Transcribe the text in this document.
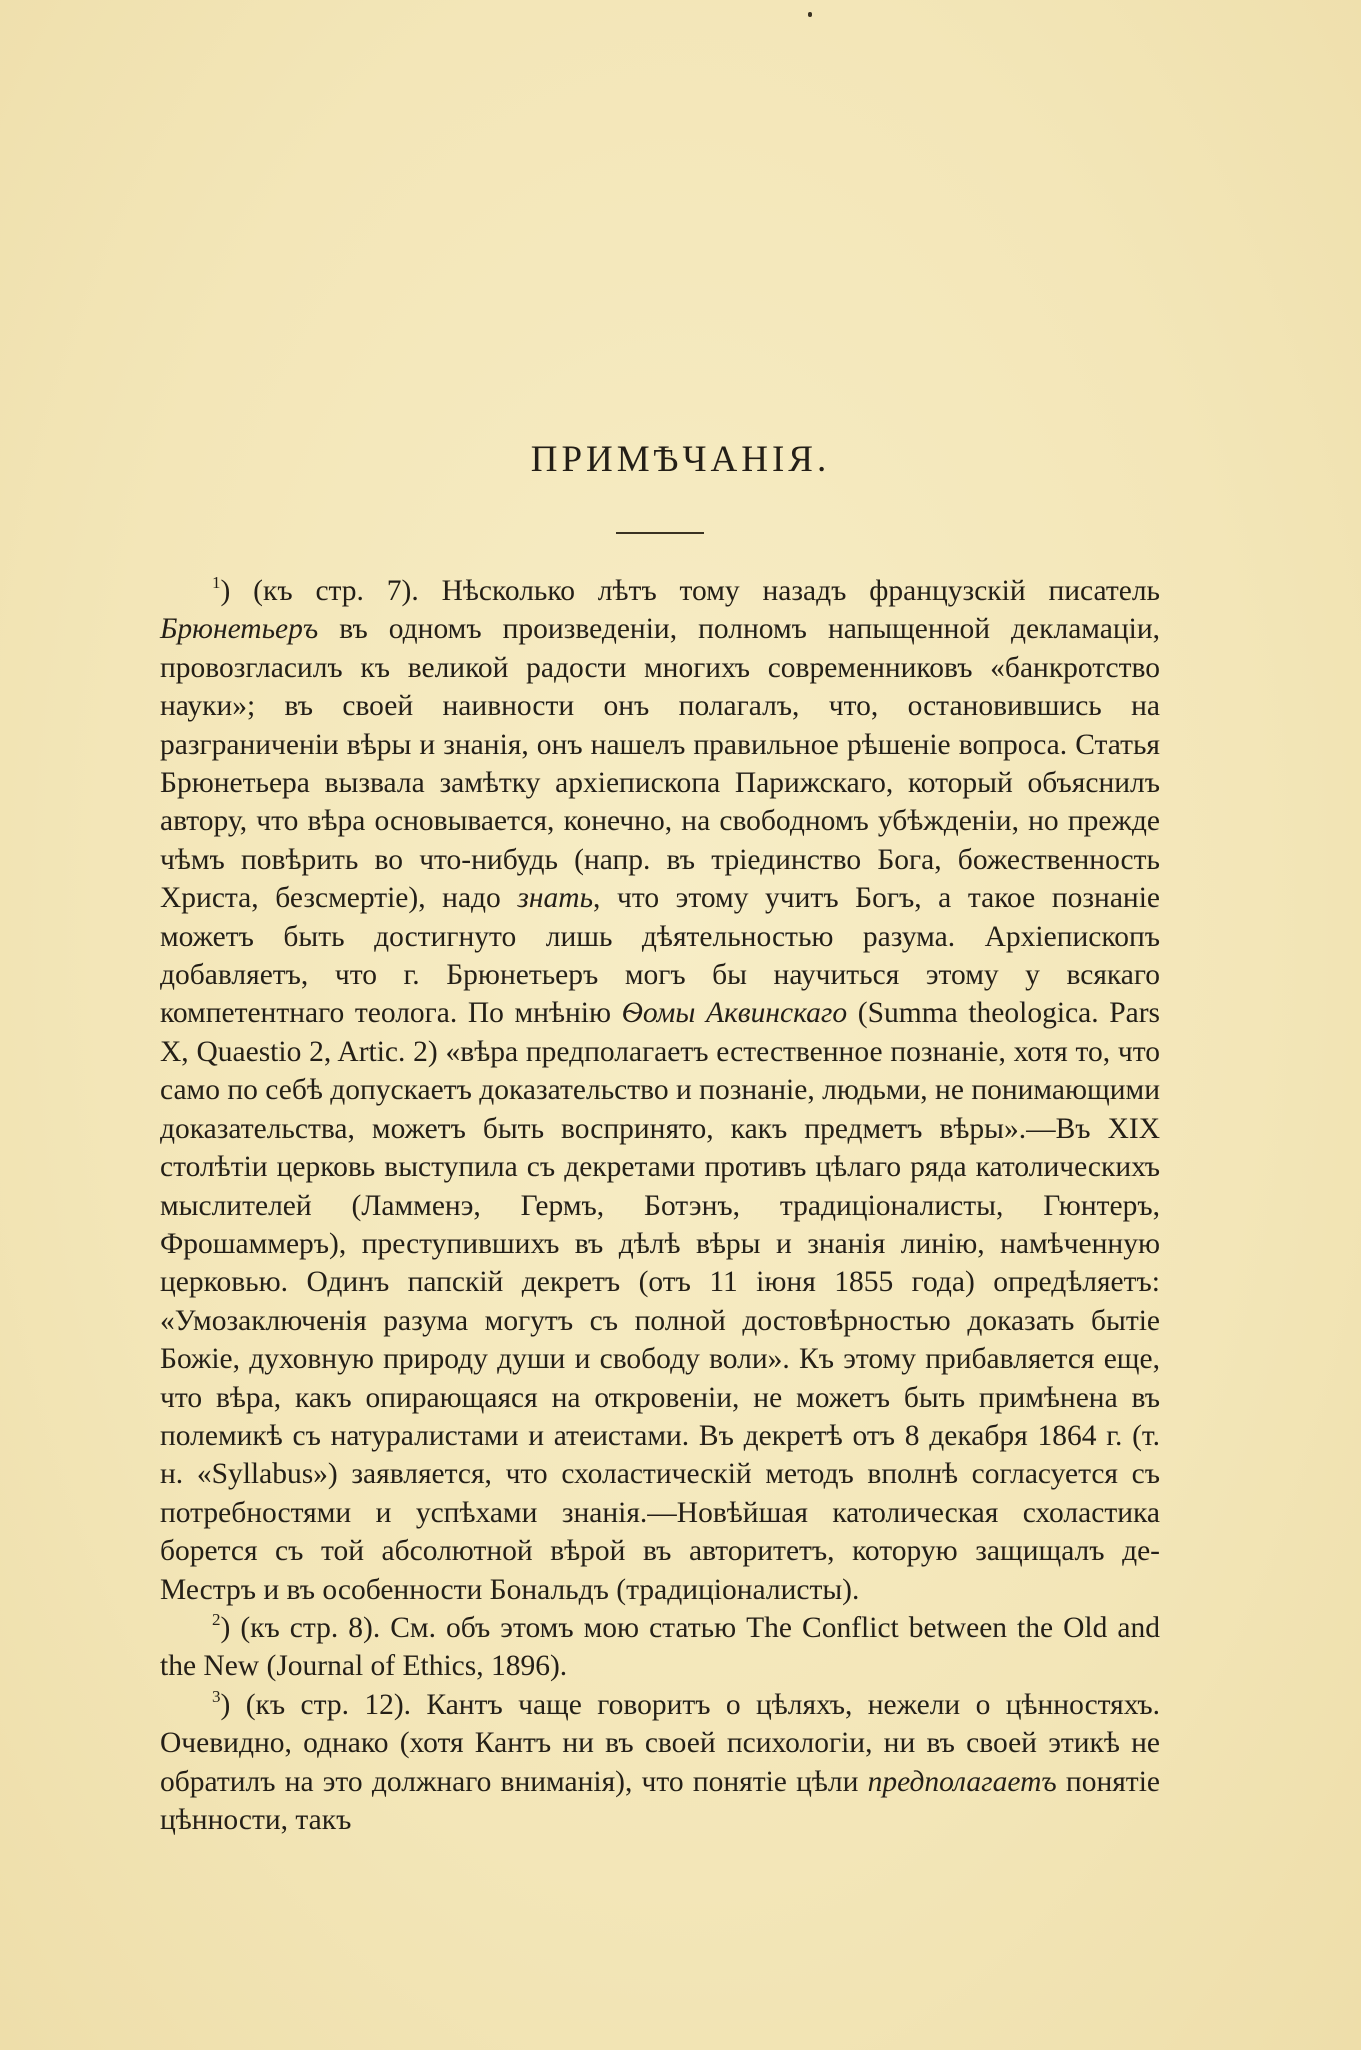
ПРИМѢЧАНІЯ.

$^1$) (къ стр. 7). Нѣсколько лѣтъ тому назадъ французскій писатель Брюнетьеръ въ одномъ произведеніи, полномъ напыщенной декламаціи, провозгласилъ къ великой радости многихъ современниковъ «банкротство науки»; въ своей наивности онъ полагалъ, что, остановившись на разграниченіи вѣры и знанія, онъ нашелъ правильное рѣшеніе вопроса. Статья Брюнетьера вызвала замѣтку архіепископа Парижскаго, который объяснилъ автору, что вѣра основывается, конечно, на свободномъ убѣжденіи, но прежде чѣмъ повѣрить во что-нибудь (напр. въ тріединство Бога, божественность Христа, безсмертіе), надо знать, что этому учитъ Богъ, а такое познаніе можетъ быть достигнуто лишь дѣятельностью разума. Архіепископъ добавляетъ, что г. Брюнетьеръ могъ бы научиться этому у всякаго компетентнаго теолога. По мнѣнію Ѳомы Аквинскаго (Summa theologica. Pars X, Quaestio 2, Artic. 2) «вѣра предполагаетъ естественное познаніе, хотя то, что само по себѣ допускаетъ доказательство и познаніе, людьми, не понимающими доказательства, можетъ быть воспринято, какъ предметъ вѣры».—Въ XIX столѣтіи церковь выступила съ декретами противъ цѣлаго ряда католическихъ мыслителей (Ламменэ, Гермъ, Ботэнъ, традиціоналисты, Гюнтеръ, Фрошаммеръ), преступившихъ въ дѣлѣ вѣры и знанія линію, намѣченную церковью. Одинъ папскій декретъ (отъ 11 іюня 1855 года) опредѣляетъ: «Умозаключенія разума могутъ съ полной достовѣрностью доказать бытіе Божіе, духовную природу души и свободу воли». Къ этому прибавляется еще, что вѣра, какъ опирающаяся на откровеніи, не можетъ быть примѣнена въ полемикѣ съ натуралистами и атеистами. Въ декретѣ отъ 8 декабря 1864 г. (т. н. «Syllabus») заявляется, что схоластическій методъ вполнѣ согласуется съ потребностями и успѣхами знанія.—Новѣйшая католическая схоластика борется съ той абсолютной вѣрой въ авторитетъ, которую защищалъ де-Местръ и въ особенности Бональдъ (традиціоналисты).

$^2$) (къ стр. 8). См. объ этомъ мою статью The Conflict between the Old and the New (Journal of Ethics, 1896).

$^3$) (къ стр. 12). Кантъ чаще говоритъ о цѣляхъ, нежели о цѣнностяхъ. Очевидно, однако (хотя Кантъ ни въ своей психологіи, ни въ своей этикѣ не обратилъ на это должнаго вниманія), что понятіе цѣли предполагаетъ понятіе цѣнности, такъ
